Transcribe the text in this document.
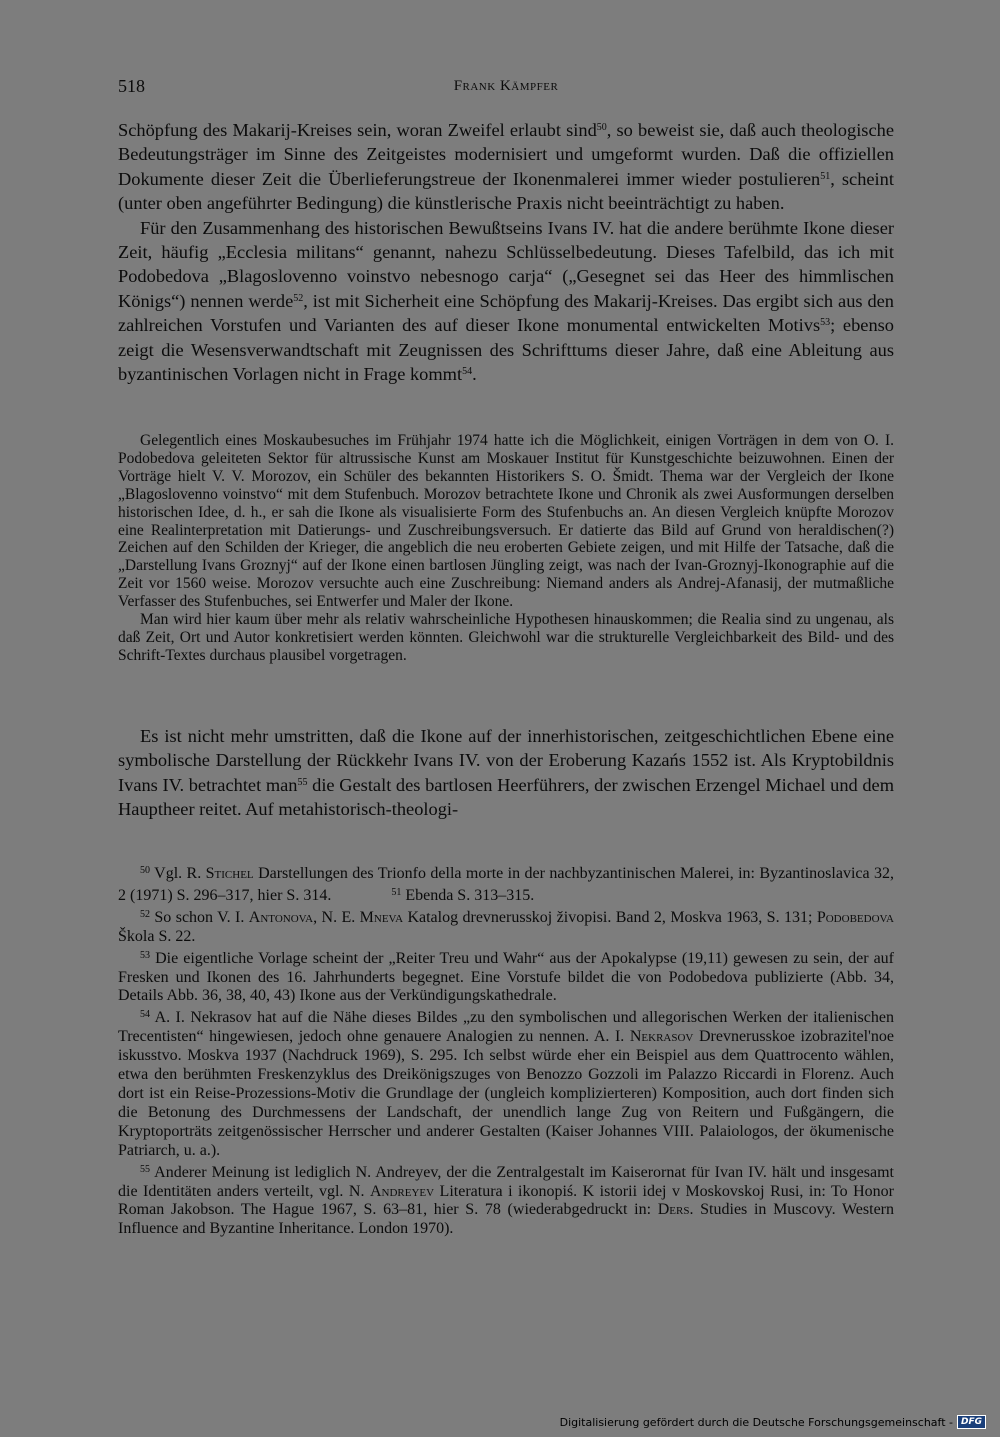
518	Frank Kämpfer

Schöpfung des Makarij-Kreises sein, woran Zweifel erlaubt sind$^{50}$, so beweist sie, daß auch theologische Bedeutungsträger im Sinne des Zeitgeistes modernisiert und umgeformt wurden. Daß die offiziellen Dokumente dieser Zeit die Überlieferungstreue der Ikonenmalerei immer wieder postulieren$^{51}$, scheint (unter oben angeführter Bedingung) die künstlerische Praxis nicht beeinträchtigt zu haben.

Für den Zusammenhang des historischen Bewußtseins Ivans IV. hat die andere berühmte Ikone dieser Zeit, häufig „Ecclesia militans“ genannt, nahezu Schlüsselbedeutung. Dieses Tafelbild, das ich mit Podobedova „Blagoslovenno voinstvo nebesnogo carja“ („Gesegnet sei das Heer des himmlischen Königs“) nennen werde$^{52}$, ist mit Sicherheit eine Schöpfung des Makarij-Kreises. Das ergibt sich aus den zahlreichen Vorstufen und Varianten des auf dieser Ikone monumental entwickelten Motivs$^{53}$; ebenso zeigt die Wesensverwandtschaft mit Zeugnissen des Schrifttums dieser Jahre, daß eine Ableitung aus byzantinischen Vorlagen nicht in Frage kommt$^{54}$.

Gelegentlich eines Moskaubesuches im Frühjahr 1974 hatte ich die Möglichkeit, einigen Vorträgen in dem von O. I. Podobedova geleiteten Sektor für altrussische Kunst am Moskauer Institut für Kunstgeschichte beizuwohnen. Einen der Vorträge hielt V. V. Morozov, ein Schüler des bekannten Historikers S. O. Šmidt. Thema war der Vergleich der Ikone „Blagoslovenno voinstvo“ mit dem Stufenbuch. Morozov betrachtete Ikone und Chronik als zwei Ausformungen derselben historischen Idee, d. h., er sah die Ikone als visualisierte Form des Stufenbuchs an. An diesen Vergleich knüpfte Morozov eine Realinterpretation mit Datierungs- und Zuschreibungsversuch. Er datierte das Bild auf Grund von heraldischen(?) Zeichen auf den Schilden der Krieger, die angeblich die neu eroberten Gebiete zeigen, und mit Hilfe der Tatsache, daß die „Darstellung Ivans Groznyj“ auf der Ikone einen bartlosen Jüngling zeigt, was nach der Ivan-Groznyj-Ikonographie auf die Zeit vor 1560 weise. Morozov versuchte auch eine Zuschreibung: Niemand anders als Andrej-Afanasij, der mutmaßliche Verfasser des Stufenbuches, sei Entwerfer und Maler der Ikone.

Man wird hier kaum über mehr als relativ wahrscheinliche Hypothesen hinauskommen; die Realia sind zu ungenau, als daß Zeit, Ort und Autor konkretisiert werden könnten. Gleichwohl war die strukturelle Vergleichbarkeit des Bild- und des Schrift-Textes durchaus plausibel vorgetragen.

Es ist nicht mehr umstritten, daß die Ikone auf der innerhistorischen, zeitgeschichtlichen Ebene eine symbolische Darstellung der Rückkehr Ivans IV. von der Eroberung Kazańs 1552 ist. Als Kryptobildnis Ivans IV. betrachtet man$^{55}$ die Gestalt des bartlosen Heerführers, der zwischen Erzengel Michael und dem Hauptheer reitet. Auf metahistorisch-theologi-

$^{50}$ Vgl. R. Stichel Darstellungen des Trionfo della morte in der nachbyzantinischen Malerei, in: Byzantinoslavica 32, 2 (1971) S. 296–317, hier S. 314.	$^{51}$ Ebenda S. 313–315.

$^{52}$ So schon V. I. Antonova, N. E. Mneva Katalog drevnerusskoj živopisi. Band 2, Moskva 1963, S. 131; Podobedova Škola S. 22.

$^{53}$ Die eigentliche Vorlage scheint der „Reiter Treu und Wahr“ aus der Apokalypse (19,11) gewesen zu sein, der auf Fresken und Ikonen des 16. Jahrhunderts begegnet. Eine Vorstufe bildet die von Podobedova publizierte (Abb. 34, Details Abb. 36, 38, 40, 43) Ikone aus der Verkündigungskathedrale.

$^{54}$ A. I. Nekrasov hat auf die Nähe dieses Bildes „zu den symbolischen und allegorischen Werken der italienischen Trecentisten“ hingewiesen, jedoch ohne genauere Analogien zu nennen. A. I. Nekrasov Drevnerusskoe izobrazitel'noe iskusstvo. Moskva 1937 (Nachdruck 1969), S. 295. Ich selbst würde eher ein Beispiel aus dem Quattrocento wählen, etwa den berühmten Freskenzyklus des Dreikönigszuges von Benozzo Gozzoli im Palazzo Riccardi in Florenz. Auch dort ist ein Reise-Prozessions-Motiv die Grundlage der (ungleich komplizierteren) Komposition, auch dort finden sich die Betonung des Durchmessens der Landschaft, der unendlich lange Zug von Reitern und Fußgängern, die Kryptoporträts zeitgenössischer Herrscher und anderer Gestalten (Kaiser Johannes VIII. Palaiologos, der ökumenische Patriarch, u. a.).

$^{55}$ Anderer Meinung ist lediglich N. Andreyev, der die Zentralgestalt im Kaiserornat für Ivan IV. hält und insgesamt die Identitäten anders verteilt, vgl. N. Andreyev Literatura i ikonopiś. K istorii idej v Moskovskoj Rusi, in: To Honor Roman Jakobson. The Hague 1967, S. 63–81, hier S. 78 (wiederabgedruckt in: Ders. Studies in Muscovy. Western Influence and Byzantine Inheritance. London 1970).

Digitalisierung gefördert durch die Deutsche Forschungsgemeinschaft - DFG
